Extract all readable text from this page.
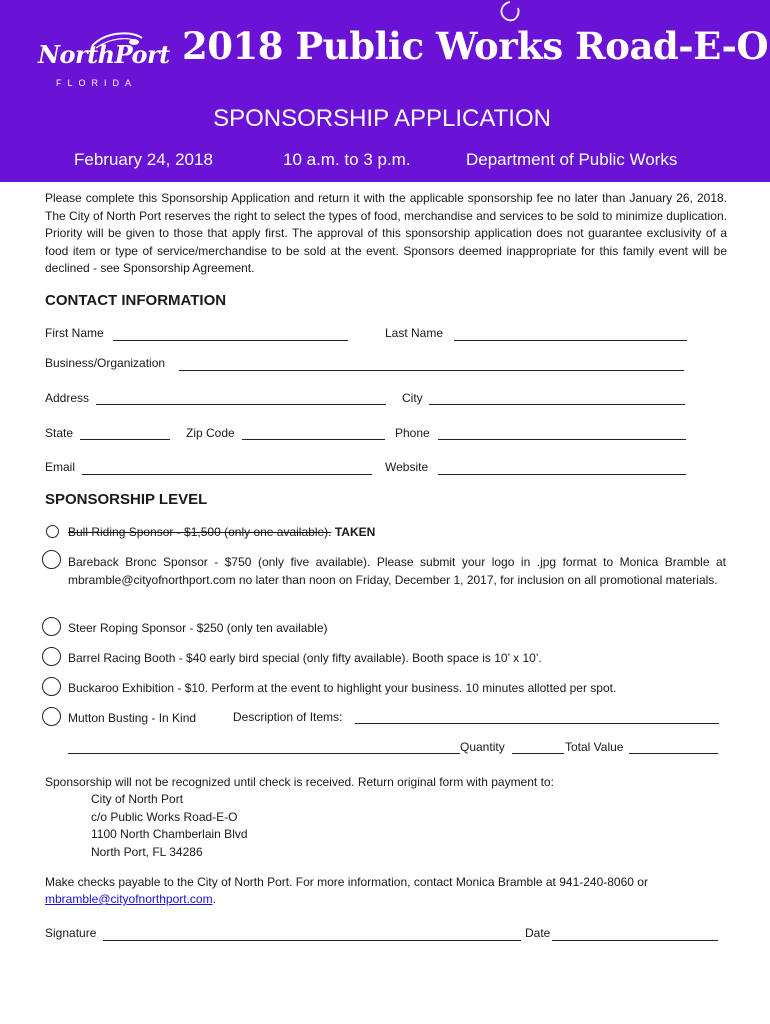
NorthPort
FLORIDA
2018 Public Works Road-E-O
SPONSORSHIP APPLICATION
February 24, 2018	10 a.m. to 3 p.m.	Department of Public Works
Please complete this Sponsorship Application and return it with the applicable sponsorship fee no later than January 26, 2018. The City of North Port reserves the right to select the types of food, merchandise and services to be sold to minimize duplication. Priority will be given to those that apply first. The approval of this sponsorship application does not guarantee exclusivity of a food item or type of service/merchandise to be sold at the event. Sponsors deemed inappropriate for this family event will be declined - see Sponsorship Agreement.
CONTACT INFORMATION
First Name	Last Name
Business/Organization
Address	City
State	Zip Code	Phone
Email	Website
SPONSORSHIP LEVEL
Bull Riding Sponsor - $1,500 (only one available). TAKEN
Bareback Bronc Sponsor - $750 (only five available). Please submit your logo in .jpg format to Monica Bramble at mbramble@cityofnorthport.com no later than noon on Friday, December 1, 2017, for inclusion on all promotional materials.
Steer Roping Sponsor - $250 (only ten available)
Barrel Racing Booth - $40 early bird special (only fifty available). Booth space is 10’ x 10’.
Buckaroo Exhibition - $10. Perform at the event to highlight your business. 10 minutes allotted per spot.
Mutton Busting - In Kind	Description of Items:
Quantity	Total Value
Sponsorship will not be recognized until check is received. Return original form with payment to:
City of North Port
c/o Public Works Road-E-O
1100 North Chamberlain Blvd
North Port, FL 34286
Make checks payable to the City of North Port. For more information, contact Monica Bramble at 941-240-8060 or
mbramble@cityofnorthport.com.
Signature	Date
